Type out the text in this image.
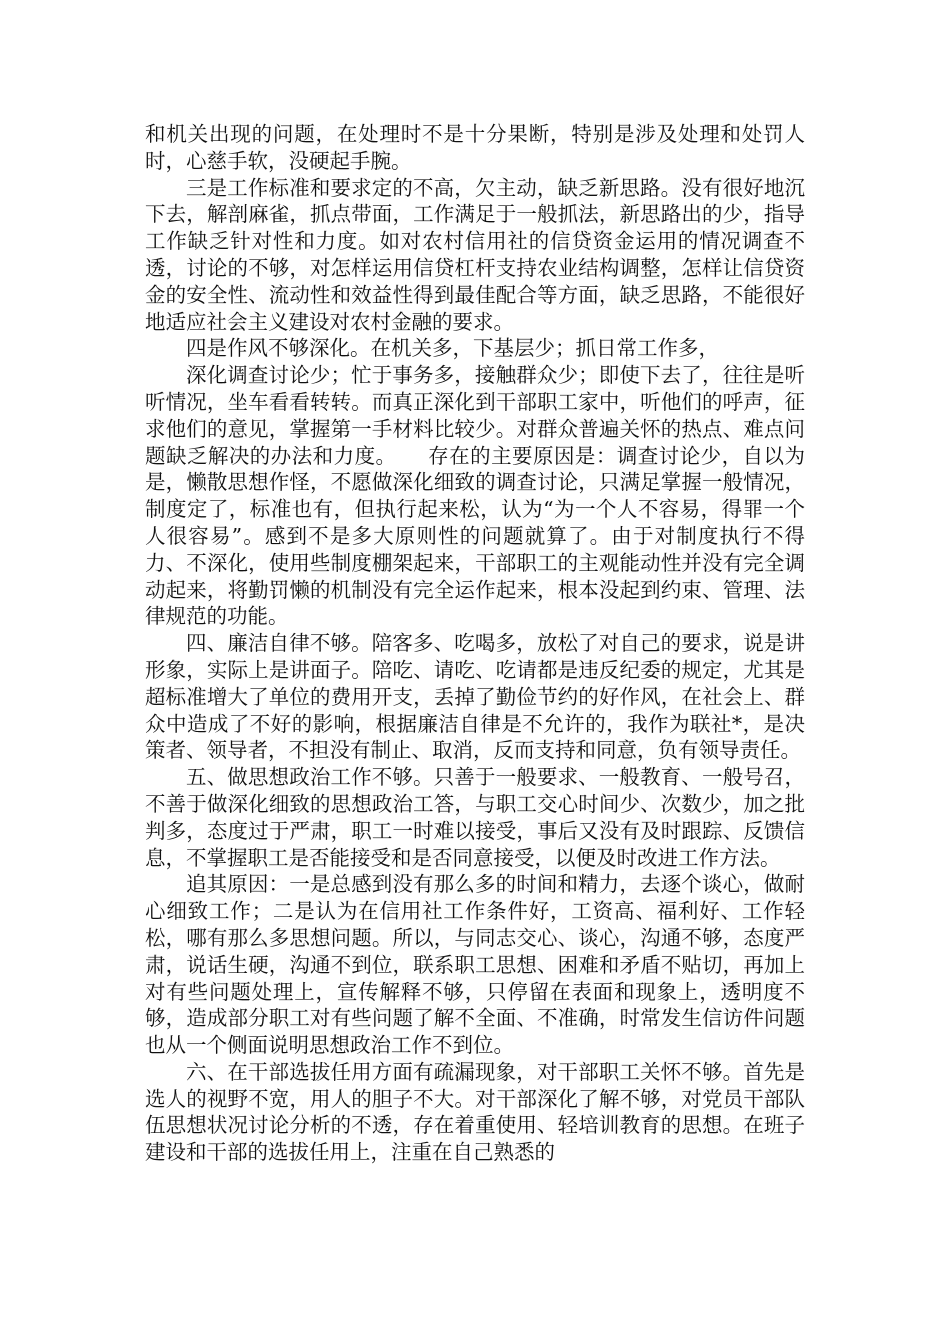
和机关出现的问题，在处理时不是十分果断，特别是涉及处理和处罚人时，心慈手软，没硬起手腕。

三是工作标准和要求定的不高，欠主动，缺乏新思路。没有很好地沉下去，解剖麻雀，抓点带面，工作满足于一般抓法，新思路出的少，指导工作缺乏针对性和力度。如对农村信用社的信贷资金运用的情况调查不透，讨论的不够，对怎样运用信贷杠杆支持农业结构调整，怎样让信贷资金的安全性、流动性和效益性得到最佳配合等方面，缺乏思路，不能很好地适应社会主义建设对农村金融的要求。

四是作风不够深化。在机关多，下基层少；抓日常工作多，

深化调查讨论少；忙于事务多，接触群众少；即使下去了，往往是听听情况，坐车看看转转。而真正深化到干部职工家中，听他们的呼声，征求他们的意见，掌握第一手材料比较少。对群众普遍关怀的热点、难点问题缺乏解决的办法和力度。　　存在的主要原因是：调查讨论少，自以为是，懒散思想作怪，不愿做深化细致的调查讨论，只满足掌握一般情况，制度定了，标准也有，但执行起来松，认为“为一个人不容易，得罪一个人很容易”。感到不是多大原则性的问题就算了。由于对制度执行不得力、不深化，使用些制度棚架起来，干部职工的主观能动性并没有完全调动起来，将勤罚懒的机制没有完全运作起来，根本没起到约束、管理、法律规范的功能。

四、廉洁自律不够。陪客多、吃喝多，放松了对自己的要求，说是讲形象，实际上是讲面子。陪吃、请吃、吃请都是违反纪委的规定，尤其是超标准增大了单位的费用开支，丢掉了勤俭节约的好作风，在社会上、群众中造成了不好的影响，根据廉洁自律是不允许的，我作为联社*，是决策者、领导者，不担没有制止、取消，反而支持和同意，负有领导责任。

五、做思想政治工作不够。只善于一般要求、一般教育、一般号召，不善于做深化细致的思想政治工答，与职工交心时间少、次数少，加之批判多，态度过于严肃，职工一时难以接受，事后又没有及时跟踪、反馈信息，不掌握职工是否能接受和是否同意接受，以便及时改进工作方法。

追其原因：一是总感到没有那么多的时间和精力，去逐个谈心，做耐心细致工作；二是认为在信用社工作条件好，工资高、福利好、工作轻松，哪有那么多思想问题。所以，与同志交心、谈心，沟通不够，态度严肃，说话生硬，沟通不到位，联系职工思想、困难和矛盾不贴切，再加上对有些问题处理上，宣传解释不够，只停留在表面和现象上，透明度不够，造成部分职工对有些问题了解不全面、不准确，时常发生信访件问题也从一个侧面说明思想政治工作不到位。

六、在干部选拔任用方面有疏漏现象，对干部职工关怀不够。首先是选人的视野不宽，用人的胆子不大。对干部深化了解不够，对党员干部队伍思想状况讨论分析的不透，存在着重使用、轻培训教育的思想。在班子建设和干部的选拔任用上，注重在自己熟悉的
